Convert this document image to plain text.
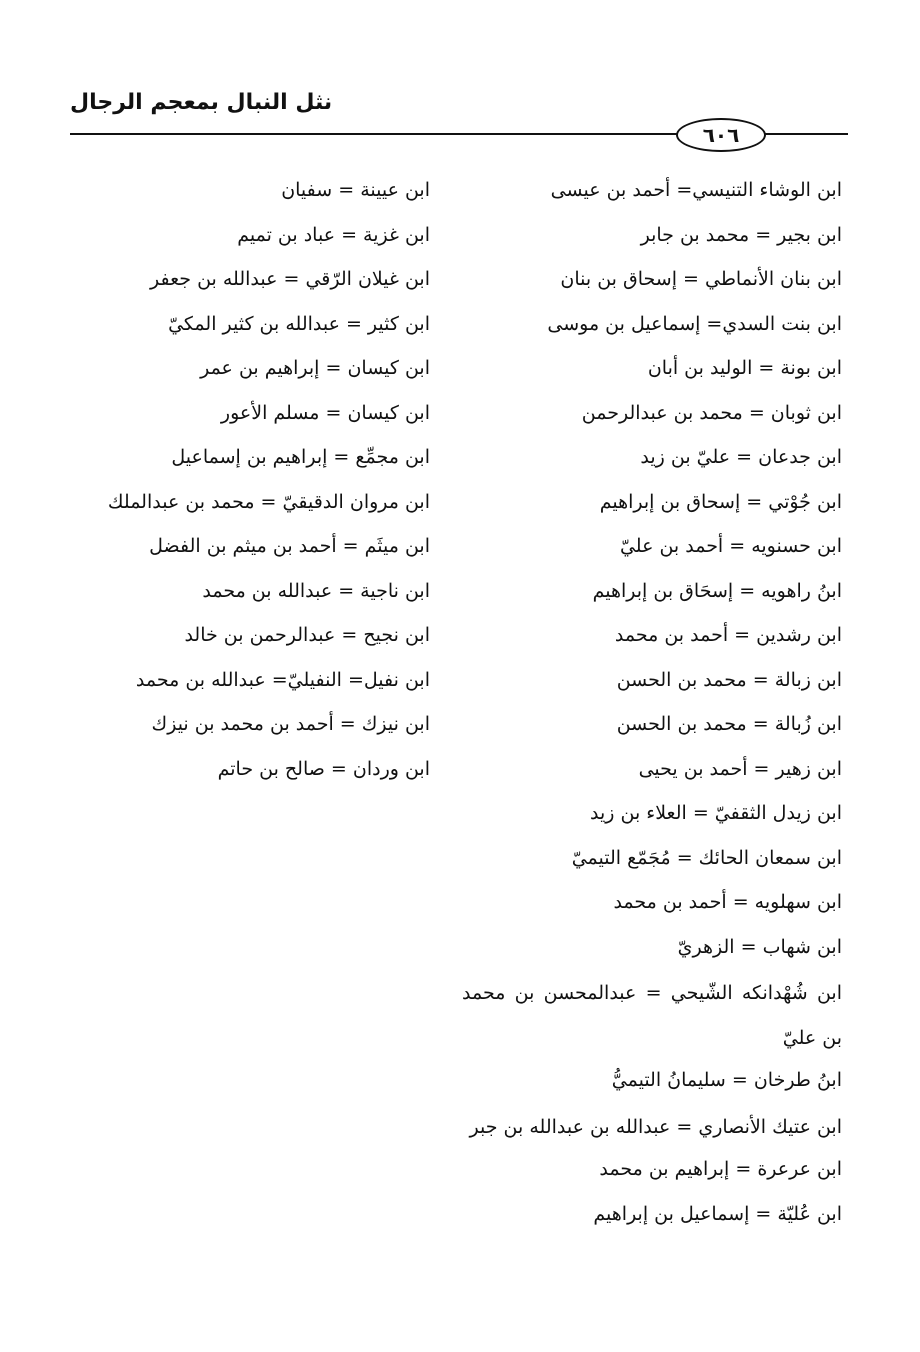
نثل النبال بمعجم الرجال
٦٠٦
ابن الوشاء التنيسي= أحمد بن عيسى
ابن بجير = محمد بن جابر
ابن بنان الأنماطي = إسحاق بن بنان
ابن بنت السدي= إسماعيل بن موسى
ابن بونة = الوليد بن أبان
ابن ثوبان = محمد بن عبدالرحمن
ابن جدعان = عليّ بن زيد
ابن جُوْتي = إسحاق بن إبراهيم
ابن حسنويه = أحمد بن عليّ
ابنُ راهويه = إسحَاق بن إبراهيم
ابن رشدين = أحمد بن محمد
ابن زبالة = محمد بن الحسن
ابن زُبالة = محمد بن الحسن
ابن زهير = أحمد بن يحيى
ابن زيدل الثقفيّ = العلاء بن زيد
ابن سمعان الحائك = مُجَمّع التيميّ
ابن سهلويه = أحمد بن محمد
ابن شهاب = الزهريّ
ابن شُهْدانكه الشّيحي = عبدالمحسن بن محمد بن عليّ
ابنُ طرخان = سليمانُ التيميُّ
ابن عتيك الأنصاري = عبدالله بن عبدالله بن جبر
ابن عرعرة = إبراهيم بن محمد
ابن عُليّة = إسماعيل بن إبراهيم
ابن عيينة = سفيان
ابن غزية = عباد بن تميم
ابن غيلان الرّقي = عبدالله بن جعفر
ابن كثير = عبدالله بن كثير المكيّ
ابن كيسان = إبراهيم بن عمر
ابن كيسان = مسلم الأعور
ابن مجمِّع = إبراهيم بن إسماعيل
ابن مروان الدقيقيّ = محمد بن عبدالملك
ابن ميثَم = أحمد بن ميثم بن الفضل
ابن ناجية = عبدالله بن محمد
ابن نجيح = عبدالرحمن بن خالد
ابن نفيل= النفيليّ= عبدالله بن محمد
ابن نيزك = أحمد بن محمد بن نيزك
ابن وردان = صالح بن حاتم
